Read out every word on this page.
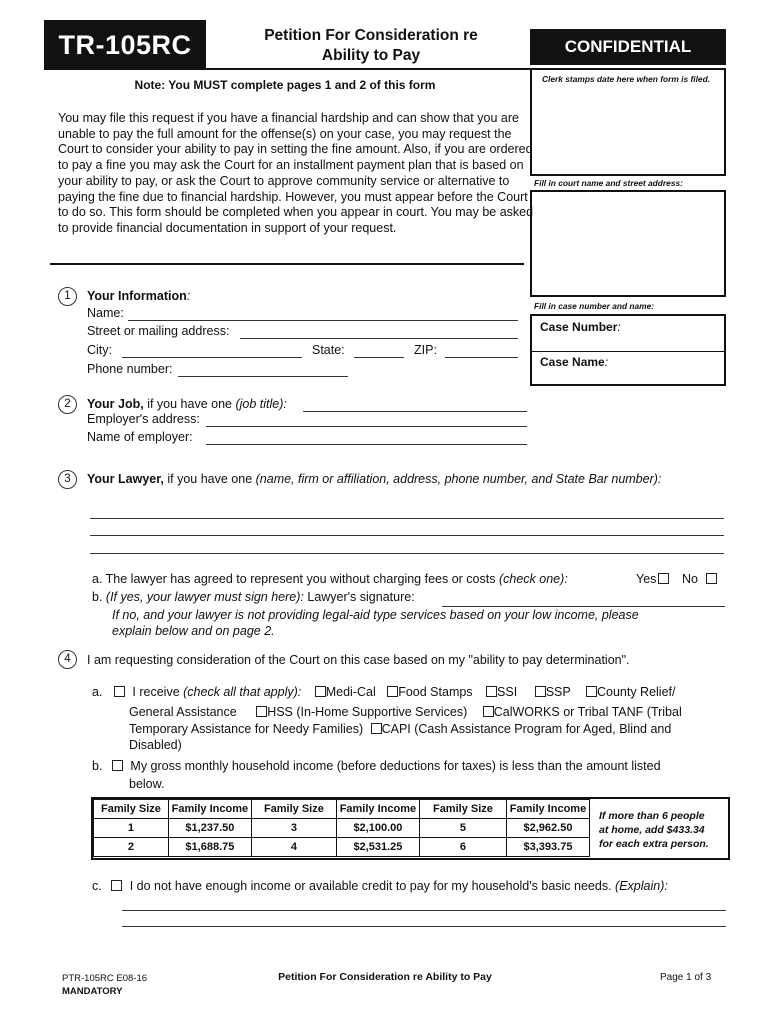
TR-105RC	Petition For Consideration re
Ability to Pay	CONFIDENTIAL
Note: You MUST complete pages 1 and 2 of this form
You may file this request if you have a financial hardship and can show that you are unable to pay the full amount for the offense(s) on your case, you may request the Court to consider your ability to pay in setting the fine amount. Also, if you are ordered to pay a fine you may ask the Court for an installment payment plan that is based on your ability to pay, or ask the Court to approve community service or alternative to paying the fine due to financial hardship. However, you must appear before the Court to do so. This form should be completed when you appear in court. You may be asked to provide financial documentation in support of your request.
Clerk stamps date here when form is filed.
Fill in court name and street address:
Fill in case number and name:
Case Number:
Case Name:
1	Your Information:
Name:
Street or mailing address:
City:	State:	ZIP:
Phone number:
2	Your Job, if you have one (job title):
Employer's address:
Name of employer:
3	Your Lawyer, if you have one (name, firm or affiliation, address, phone number, and State Bar number):
a. The lawyer has agreed to represent you without charging fees or costs (check one):	Yes	No
b. (If yes, your lawyer must sign here): Lawyer's signature:
If no, and your lawyer is not providing legal-aid type services based on your low income, please
explain below and on page 2.
4	I am requesting consideration of the Court on this case based on my "ability to pay determination".
a. I receive (check all that apply): Medi-Cal Food Stamps SSI SSP County Relief/
General Assistance HSS (In-Home Supportive Services) CalWORKS or Tribal TANF (Tribal
Temporary Assistance for Needy Families) CAPI (Cash Assistance Program for Aged, Blind and
Disabled)
b. My gross monthly household income (before deductions for taxes) is less than the amount listed
below.
Family Size	Family Income	Family Size	Family Income	Family Size	Family Income
1	$1,237.50	3	$2,100.00	5	$2,962.50
2	$1,688.75	4	$2,531.25	6	$3,393.75
If more than 6 people
at home, add $433.34
for each extra person.
c. I do not have enough income or available credit to pay for my household's basic needs. (Explain):
PTR-105RC E08-16
MANDATORY
Petition For Consideration re Ability to Pay	Page 1 of 3
